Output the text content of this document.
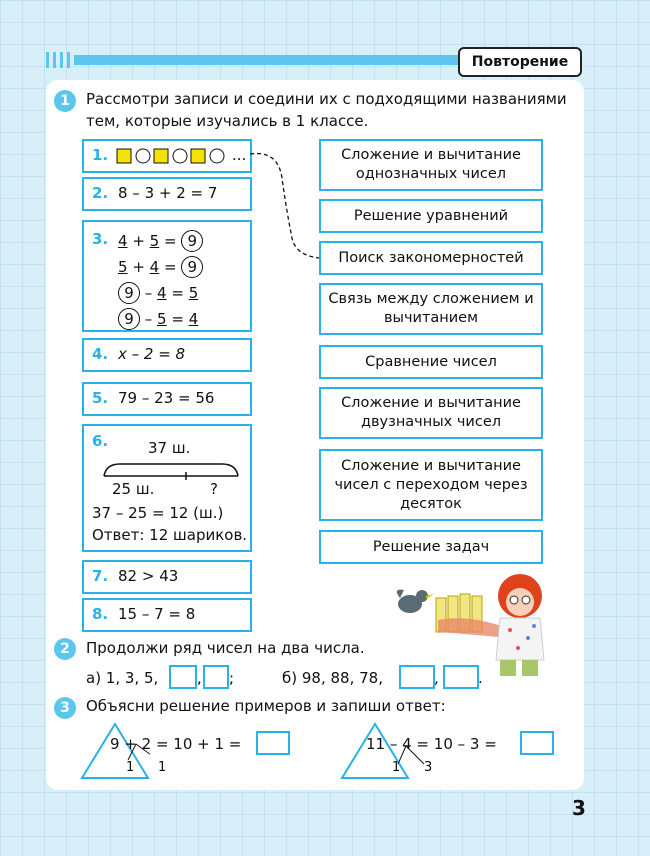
Повторение
1	Рассмотри записи и соедини их с подходящими названиями тем, которые изучались в 1 классе.
1.	...
2. 8 – 3 + 2 = 7
3. 4 + 5 = 9
5 + 4 = 9
9 – 4 = 5
9 – 5 = 4
4. x – 2 = 8
5. 79 – 23 = 56
6.	37 ш.
25 ш.	?
37 – 25 = 12 (ш.)
Ответ: 12 шариков.
7. 82 > 43
8. 15 – 7 = 8
Сложение и вычитание однозначных чисел
Решение уравнений
Поиск закономерностей
Связь между сложением и вычитанием
Сравнение чисел
Сложение и вычитание двузначных чисел
Сложение и вычитание чисел с переходом через десяток
Решение задач
2	Продолжи ряд чисел на два числа.
а) 1, 3, 5,	, ;	б) 98, 88, 78,	,	.
3	Объясни решение примеров и запиши ответ:
9 + 2 = 10 + 1 =
1 1
11 – 4 = 10 – 3 =
1 3
3
